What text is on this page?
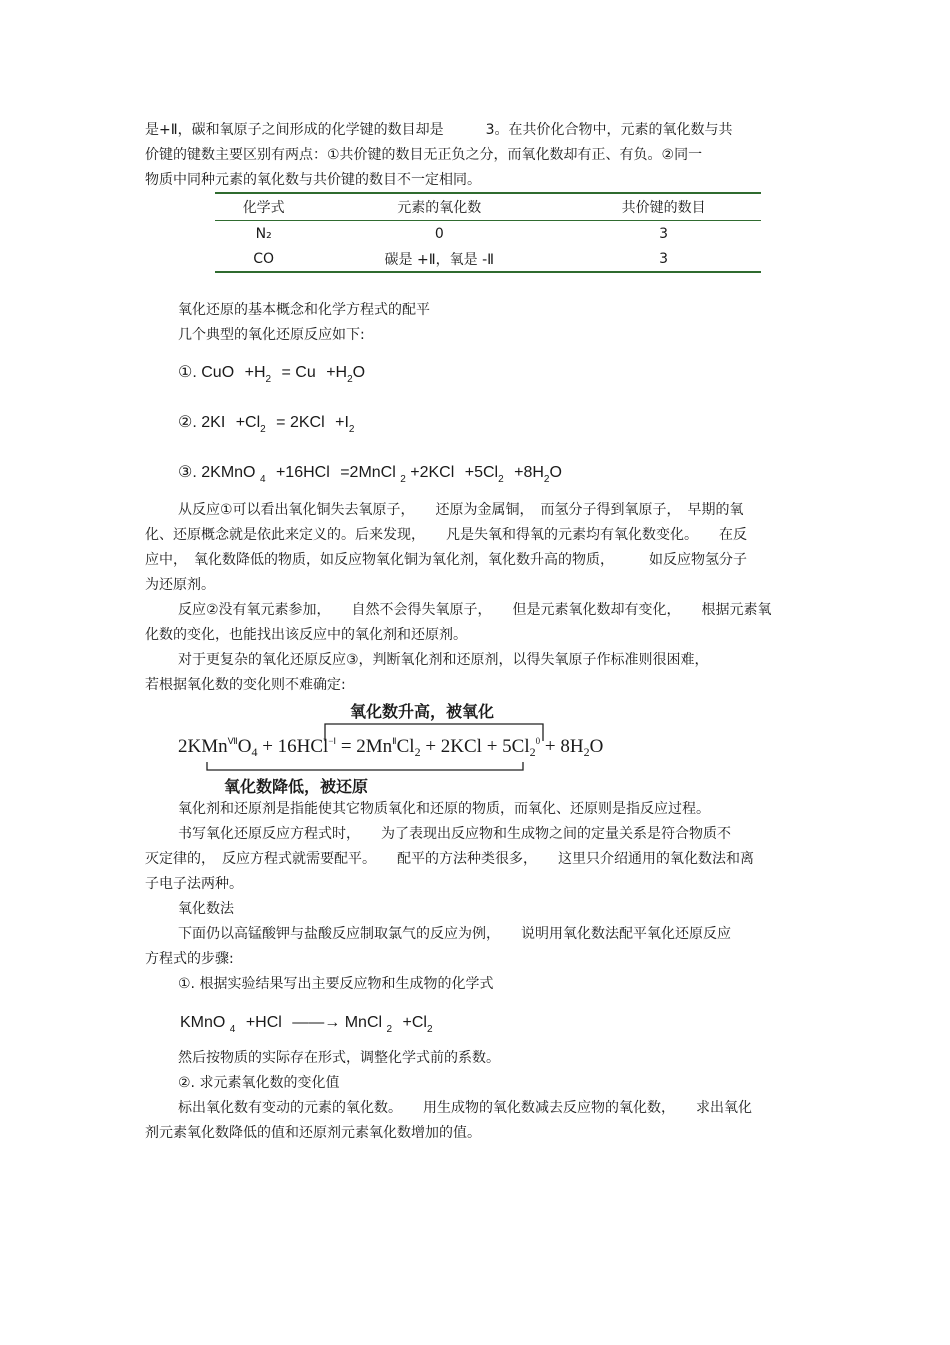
是+Ⅱ，碳和氧原子之间形成的化学键的数目却是　　　3。在共价化合物中，元素的氧化数与共
价键的键数主要区别有两点：①共价键的数目无正负之分，而氧化数却有正、有负。②同一
物质中同种元素的氧化数与共价键的数目不一定相同。
化学式	元素的氧化数	共价键的数目
N₂	0	3
CO	碳是 +Ⅱ，氧是 -Ⅱ	3
氧化还原的基本概念和化学方程式的配平
几个典型的氧化还原反应如下:
①. CuO $+H_2 = Cu +H_2O$
②. $2KI +Cl_2 = 2KCl +I_2$
③. 2KMnO $_4$ +16HCl =2MnCl $_2 +2KCl +5Cl_2 +8H_2O$
从反应①可以看出氧化铜失去氧原子，　　还原为金属铜，　而氢分子得到氧原子，　早期的氧
化、还原概念就是依此来定义的。后来发现，　　凡是失氧和得氧的元素均有氧化数变化。　　在反
应中，　氧化数降低的物质，如反应物氧化铜为氧化剂，氧化数升高的物质，　　　如反应物氢分子
为还原剂。
反应②没有氧元素参加，　　自然不会得失氧原子，　　但是元素氧化数却有变化，　　根据元素氧
化数的变化，也能找出该反应中的氧化剂和还原剂。
对于更复杂的氧化还原反应③，判断氧化剂和还原剂，以得失氧原子作标准则很困难，
若根据氧化数的变化则不难确定:
氧化数升高，被氧化
$2KMn^ⅦO_4 + 16HCl^{-Ⅰ} = 2Mn^ⅡCl_2 + 2KCl + 5Cl_2^0 + 8H_2O$
氧化数降低，被还原
氧化剂和还原剂是指能使其它物质氧化和还原的物质，而氧化、还原则是指反应过程。
书写氧化还原反应方程式时，　　为了表现出反应物和生成物之间的定量关系是符合物质不
灭定律的，　反应方程式就需要配平。　　配平的方法种类很多，　　这里只介绍通用的氧化数法和离
子电子法两种。
氧化数法
下面仍以高锰酸钾与盐酸反应制取氯气的反应为例，　　说明用氧化数法配平氧化还原反应
方程式的步骤:
①. 根据实验结果写出主要反应物和生成物的化学式
KMnO $_4$ +HCl ——→ MnCl $_2 +Cl_2$
然后按物质的实际存在形式，调整化学式前的系数。
②. 求元素氧化数的变化值
标出氧化数有变动的元素的氧化数。　　用生成物的氧化数减去反应物的氧化数，　　求出氧化
剂元素氧化数降低的值和还原剂元素氧化数增加的值。
